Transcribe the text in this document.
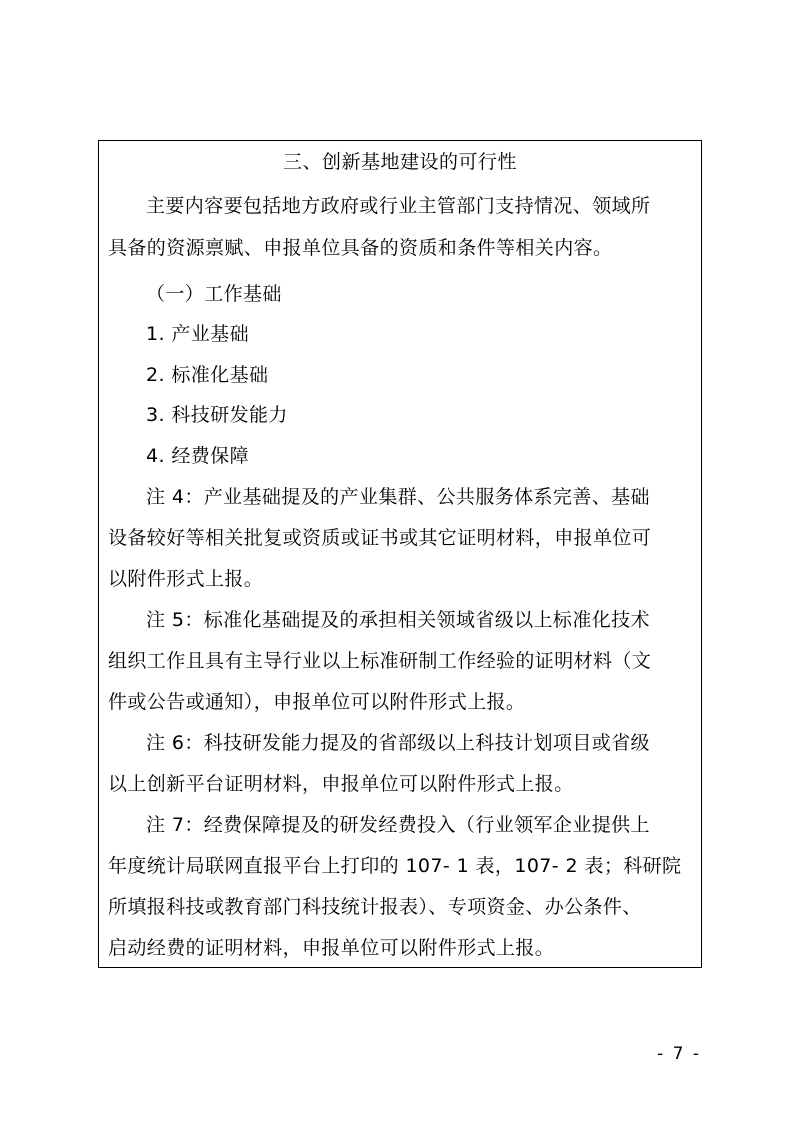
三、创新基地建设的可行性
主要内容要包括地方政府或行业主管部门支持情况、领域所
具备的资源禀赋、申报单位具备的资质和条件等相关内容。
（一）工作基础
1. 产业基础
2. 标准化基础
3. 科技研发能力
4. 经费保障
注 4：产业基础提及的产业集群、公共服务体系完善、基础
设备较好等相关批复或资质或证书或其它证明材料，申报单位可
以附件形式上报。
注 5：标准化基础提及的承担相关领域省级以上标准化技术
组织工作且具有主导行业以上标准研制工作经验的证明材料（文
件或公告或通知），申报单位可以附件形式上报。
注 6：科技研发能力提及的省部级以上科技计划项目或省级
以上创新平台证明材料，申报单位可以附件形式上报。
注 7：经费保障提及的研发经费投入（行业领军企业提供上
年度统计局联网直报平台上打印的 107- 1 表，107- 2 表；科研院
所填报科技或教育部门科技统计报表）、专项资金、办公条件、
启动经费的证明材料，申报单位可以附件形式上报。
- 7 -
